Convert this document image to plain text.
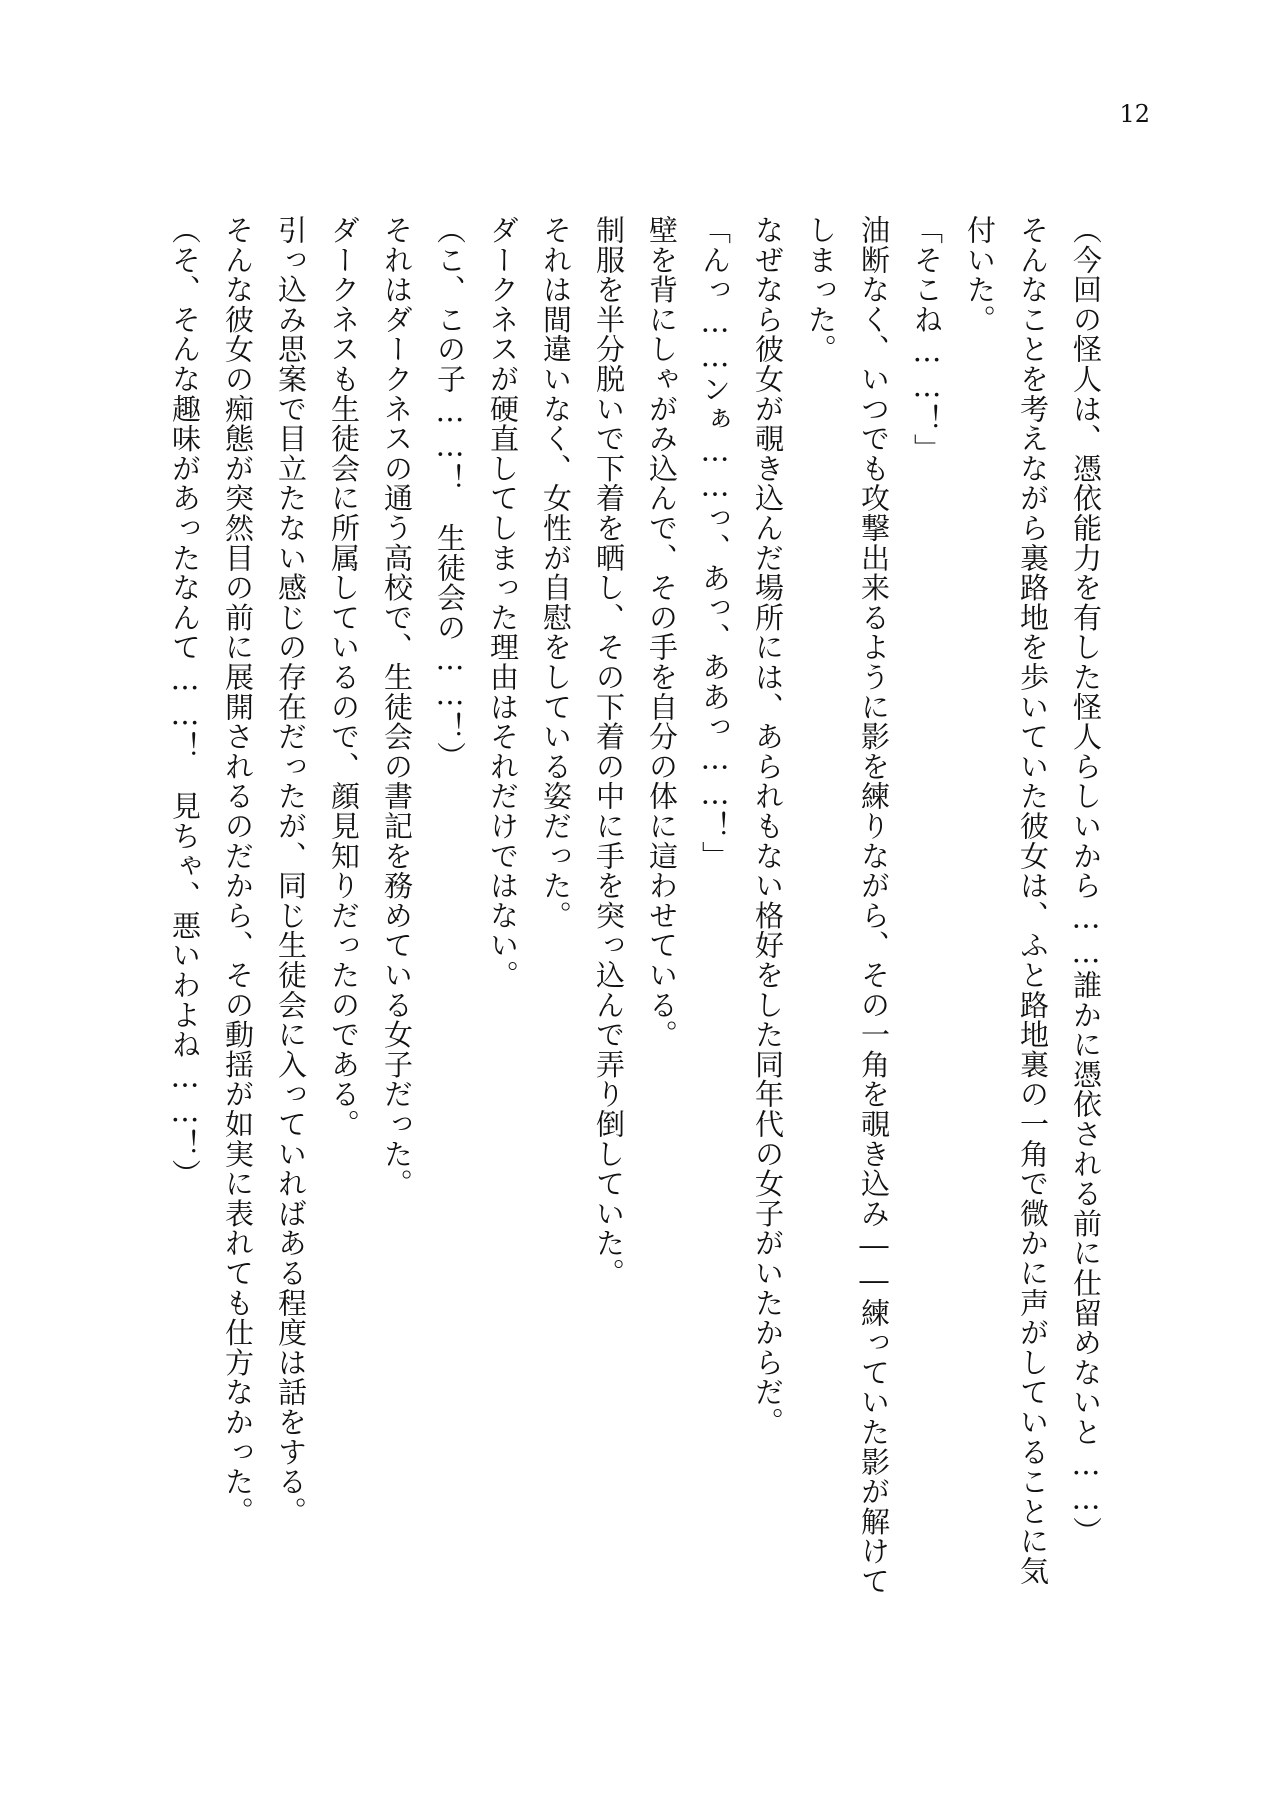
12
（今回の怪人は、憑依能力を有した怪人らしいから……誰かに憑依される前に仕留めないと……）
そんなことを考えながら裏路地を歩いていた彼女は、ふと路地裏の一角で微かに声がしていることに気付いた。
「そこね……！」
油断なく、いつでも攻撃出来るように影を練りながら、その一角を覗き込み――練っていた影が解けてしまった。
なぜなら彼女が覗き込んだ場所には、あられもない格好をした同年代の女子がいたからだ。
「んっ……ンぁ……っ、あっ、ああっ……！」
壁を背にしゃがみ込んで、その手を自分の体に這わせている。
制服を半分脱いで下着を晒し、その下着の中に手を突っ込んで弄り倒していた。
それは間違いなく、女性が自慰をしている姿だった。
ダークネスが硬直してしまった理由はそれだけではない。
（こ、この子……！　生徒会の……！）
それはダークネスの通う高校で、生徒会の書記を務めている女子だった。
ダークネスも生徒会に所属しているので、顔見知りだったのである。
引っ込み思案で目立たない感じの存在だったが、同じ生徒会に入っていればある程度は話をする。
そんな彼女の痴態が突然目の前に展開されるのだから、その動揺が如実に表れても仕方なかった。
（そ、そんな趣味があったなんて……！　見ちゃ、悪いわよね……！）
